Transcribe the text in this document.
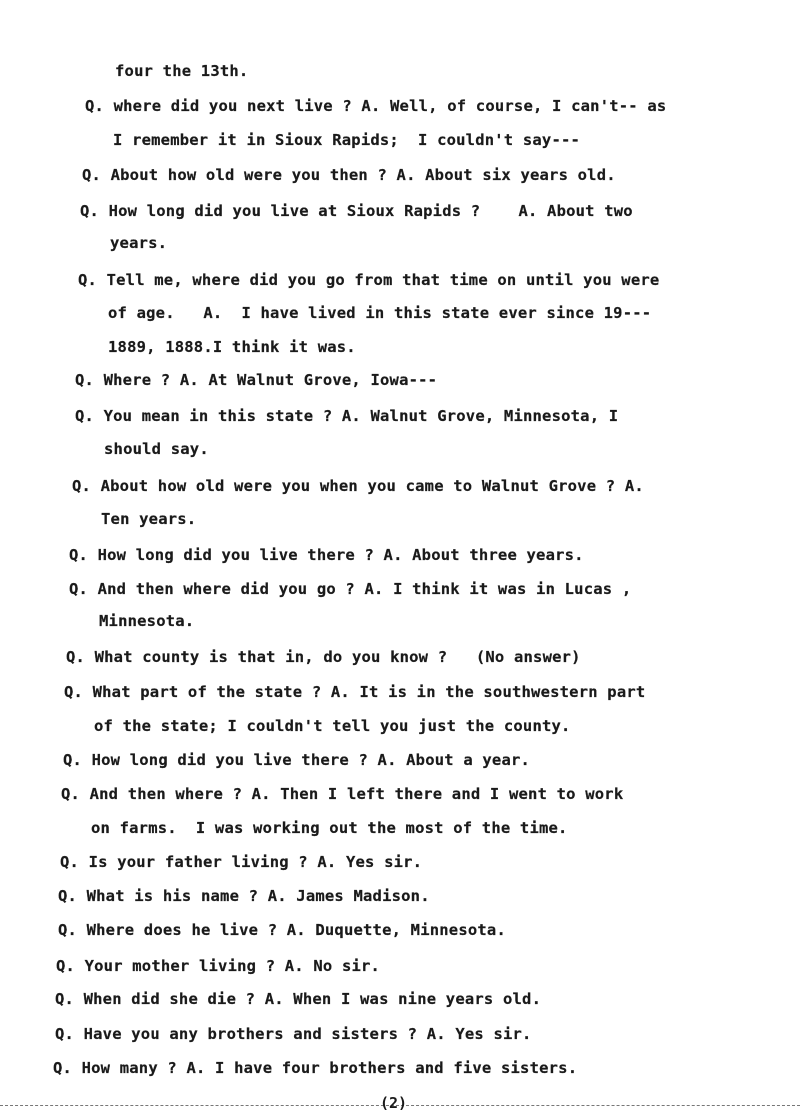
four the 13th.
Q. where did you next live ? A. Well, of course, I can't-- as
I remember it in Sioux Rapids;  I couldn't say---
Q. About how old were you then ? A. About six years old.
Q. How long did you live at Sioux Rapids ?    A. About two
years.
Q. Tell me, where did you go from that time on until you were
of age.   A.  I have lived in this state ever since 19---
1889, 1888.I think it was.
Q. Where ? A. At Walnut Grove, Iowa---
Q. You mean in this state ? A. Walnut Grove, Minnesota, I
should say.
Q. About how old were you when you came to Walnut Grove ? A.
Ten years.
Q. How long did you live there ? A. About three years.
Q. And then where did you go ? A. I think it was in Lucas ,
Minnesota.
Q. What county is that in, do you know ?   (No answer)
Q. What part of the state ? A. It is in the southwestern part
of the state; I couldn't tell you just the county.
Q. How long did you live there ? A. About a year.
Q. And then where ? A. Then I left there and I went to work
on farms.  I was working out the most of the time.
Q. Is your father living ? A. Yes sir.
Q. What is his name ? A. James Madison.
Q. Where does he live ? A. Duquette, Minnesota.
Q. Your mother living ? A. No sir.
Q. When did she die ? A. When I was nine years old.
Q. Have you any brothers and sisters ? A. Yes sir.
Q. How many ? A. I have four brothers and five sisters.
(2)
